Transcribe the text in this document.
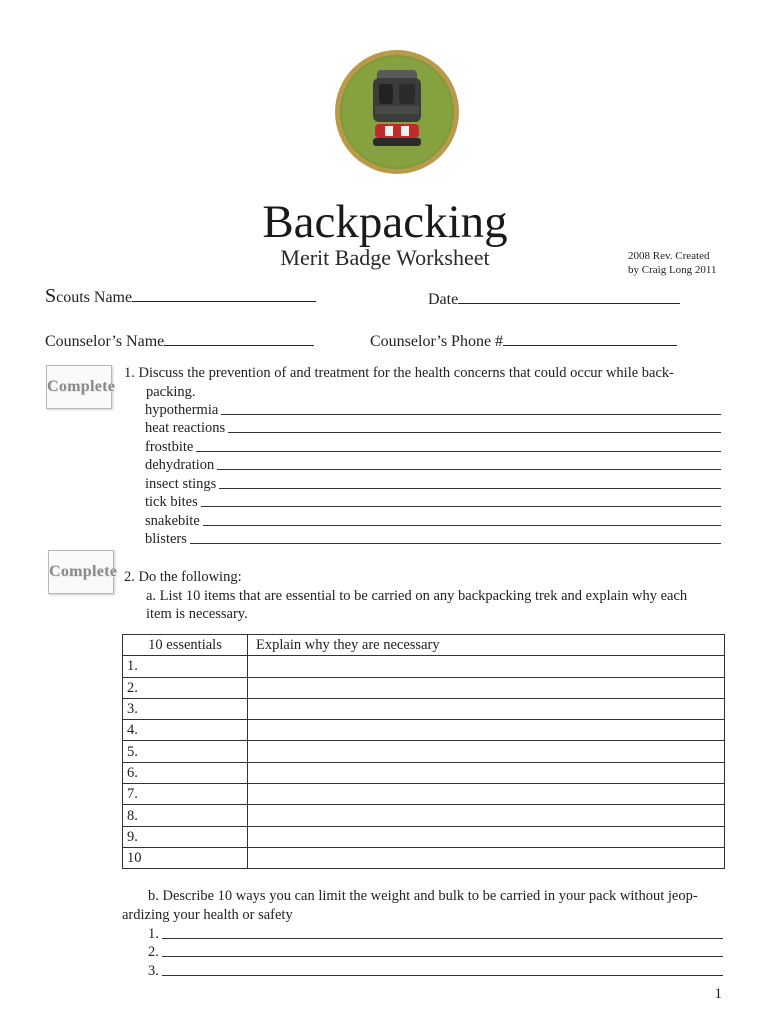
Backpacking
Merit Badge Worksheet	2008 Rev. Created
by Craig Long 2011
Scouts Name	Date
Counselor’s Name	Counselor’s Phone #
Complete
1. Discuss the prevention of and treatment for the health concerns that could occur while back-
packing.
hypothermia
heat reactions
frostbite
dehydration
insect stings
tick bites
snakebite
blisters
Complete 2. Do the following:
a. List 10 items that are essential to be carried on any backpacking trek and explain why each
item is necessary.
10 essentials	Explain why they are necessary
1.	
2.	
3.	
4.	
5.	
6.	
7.	
8.	
9.	
10	
b. Describe 10 ways you can limit the weight and bulk to be carried in your pack without jeop-
ardizing your health or safety
1.
2.
3.
1
